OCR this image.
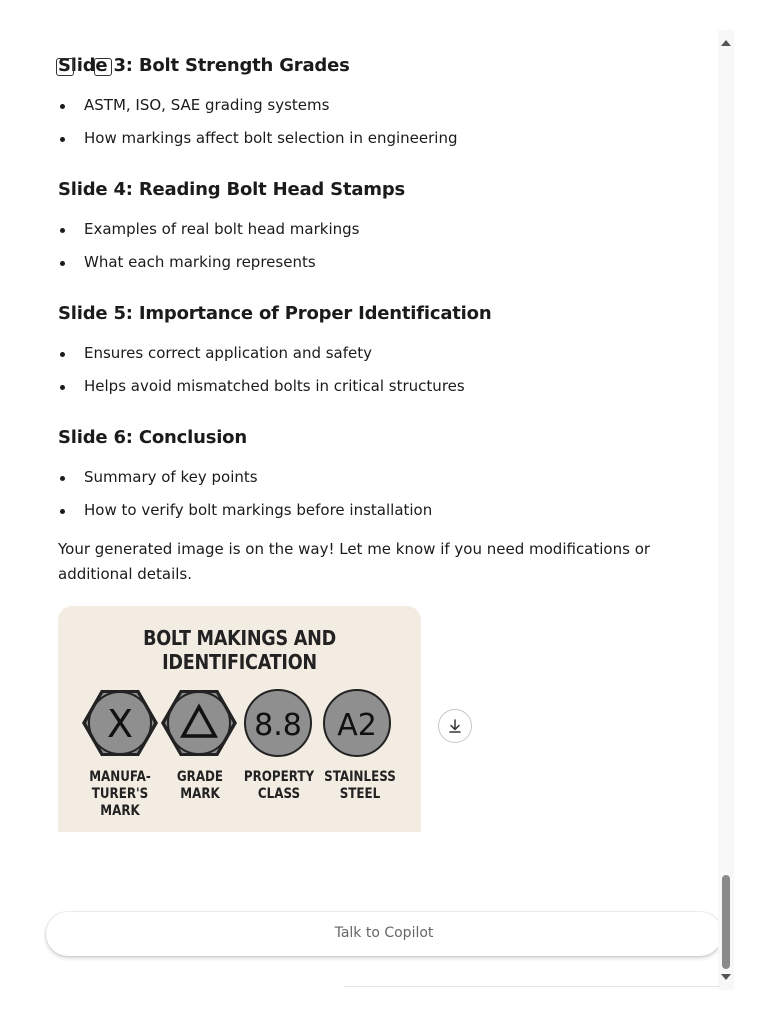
Slide 3: Bolt Strength Grades
ASTM, ISO, SAE grading systems
How markings affect bolt selection in engineering
Slide 4: Reading Bolt Head Stamps
Examples of real bolt head markings
What each marking represents
Slide 5: Importance of Proper Identification
Ensures correct application and safety
Helps avoid mismatched bolts in critical structures
Slide 6: Conclusion
Summary of key points
How to verify bolt markings before installation
Your generated image is on the way! Let me know if you need modifications or additional details.
BOLT MAKINGS AND
IDENTIFICATION
X	8.8 A2
MANUFA-
TURER'S
MARK
GRADE
MARK
PROPERTY
CLASS
STAINLESS
STEEL
Talk to Copilot
